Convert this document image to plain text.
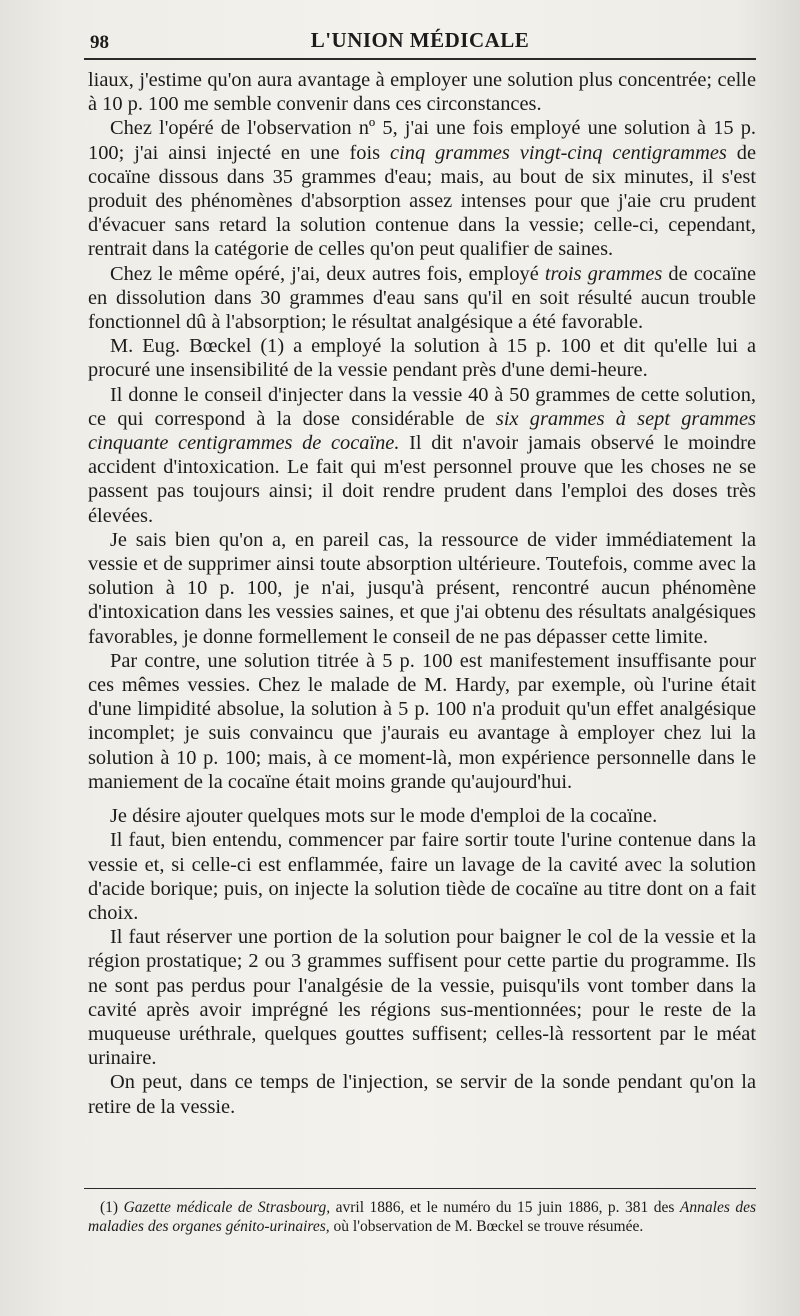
98	L'UNION MÉDICALE

liaux, j'estime qu'on aura avantage à employer une solution plus concentrée; celle à 10 p. 100 me semble convenir dans ces circonstances.

Chez l'opéré de l'observation nº 5, j'ai une fois employé une solution à 15 p. 100; j'ai ainsi injecté en une fois cinq grammes vingt-cinq centigrammes de cocaïne dissous dans 35 grammes d'eau; mais, au bout de six minutes, il s'est produit des phénomènes d'absorption assez intenses pour que j'aie cru prudent d'évacuer sans retard la solution contenue dans la vessie; celle-ci, cependant, rentrait dans la catégorie de celles qu'on peut qualifier de saines.

Chez le même opéré, j'ai, deux autres fois, employé trois grammes de cocaïne en dissolution dans 30 grammes d'eau sans qu'il en soit résulté aucun trouble fonctionnel dû à l'absorption; le résultat analgésique a été favorable.

M. Eug. Bœckel (1) a employé la solution à 15 p. 100 et dit qu'elle lui a procuré une insensibilité de la vessie pendant près d'une demi-heure.

Il donne le conseil d'injecter dans la vessie 40 à 50 grammes de cette solution, ce qui correspond à la dose considérable de six grammes à sept grammes cinquante centigrammes de cocaïne. Il dit n'avoir jamais observé le moindre accident d'intoxication. Le fait qui m'est personnel prouve que les choses ne se passent pas toujours ainsi; il doit rendre prudent dans l'emploi des doses très élevées.

Je sais bien qu'on a, en pareil cas, la ressource de vider immédiatement la vessie et de supprimer ainsi toute absorption ultérieure. Toutefois, comme avec la solution à 10 p. 100, je n'ai, jusqu'à présent, rencontré aucun phénomène d'intoxication dans les vessies saines, et que j'ai obtenu des résultats analgésiques favorables, je donne formellement le conseil de ne pas dépasser cette limite.

Par contre, une solution titrée à 5 p. 100 est manifestement insuffisante pour ces mêmes vessies. Chez le malade de M. Hardy, par exemple, où l'urine était d'une limpidité absolue, la solution à 5 p. 100 n'a produit qu'un effet analgésique incomplet; je suis convaincu que j'aurais eu avantage à employer chez lui la solution à 10 p. 100; mais, à ce moment-là, mon expérience personnelle dans le maniement de la cocaïne était moins grande qu'aujourd'hui.

Je désire ajouter quelques mots sur le mode d'emploi de la cocaïne.

Il faut, bien entendu, commencer par faire sortir toute l'urine contenue dans la vessie et, si celle-ci est enflammée, faire un lavage de la cavité avec la solution d'acide borique; puis, on injecte la solution tiède de cocaïne au titre dont on a fait choix.

Il faut réserver une portion de la solution pour baigner le col de la vessie et la région prostatique; 2 ou 3 grammes suffisent pour cette partie du programme. Ils ne sont pas perdus pour l'analgésie de la vessie, puisqu'ils vont tomber dans la cavité après avoir imprégné les régions sus-mentionnées; pour le reste de la muqueuse uréthrale, quelques gouttes suffisent; celles-là ressortent par le méat urinaire.

On peut, dans ce temps de l'injection, se servir de la sonde pendant qu'on la retire de la vessie.

(1) Gazette médicale de Strasbourg, avril 1886, et le numéro du 15 juin 1886, p. 381 des Annales des maladies des organes génito-urinaires, où l'observation de M. Bœckel se trouve résumée.
